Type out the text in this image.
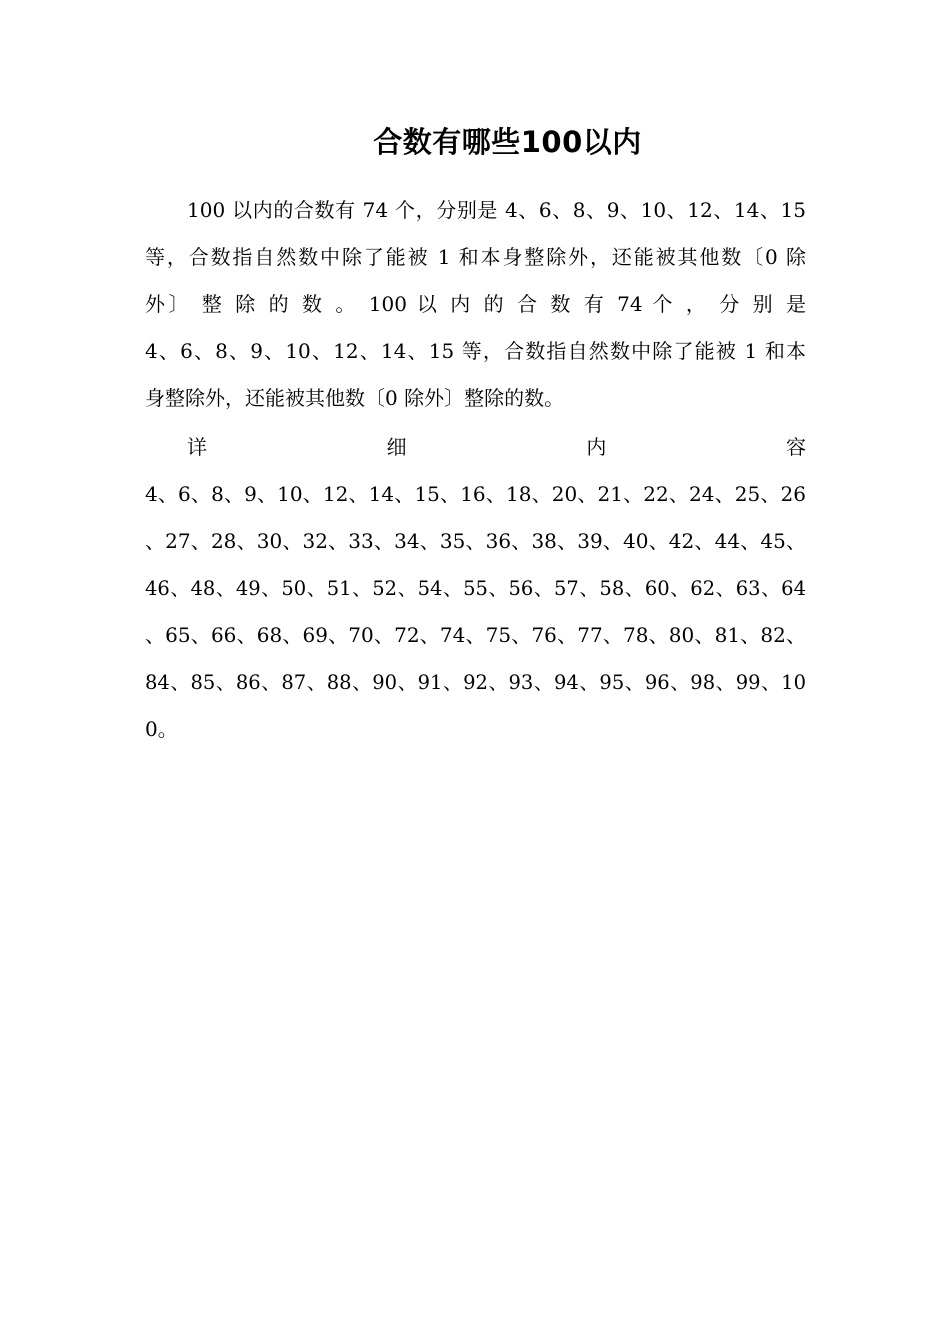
合数有哪些100以内
100 以内的合数有 74 个，分别是 4、6、8、9、10、12、14、15
等，合数指自然数中除了能被 1 和本身整除外，还能被其他数〔0 除
外〕 整 除 的 数 。 100 以 内 的 合 数 有 74 个 ， 分 别 是
4、6、8、9、10、12、14、15 等，合数指自然数中除了能被 1 和本
身整除外，还能被其他数〔0 除外〕整除的数。
详 细 内 容
4、6、8、9、10、12、14、15、16、18、20、21、22、24、25、26
、27、28、30、32、33、34、35、36、38、39、40、42、44、45、
46、48、49、50、51、52、54、55、56、57、58、60、62、63、64
、65、66、68、69、70、72、74、75、76、77、78、80、81、82、
84、85、86、87、88、90、91、92、93、94、95、96、98、99、10
0。
